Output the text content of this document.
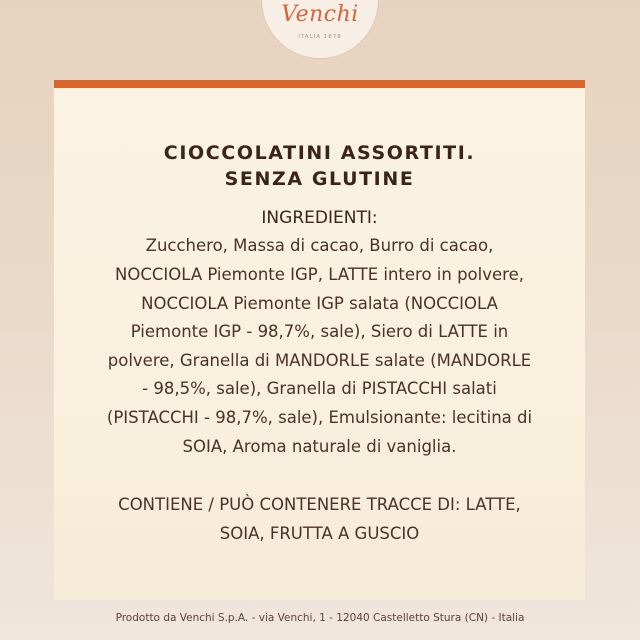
Venchi
ITALIA 1878
CIOCCOLATINI ASSORTITI.
SENZA GLUTINE
INGREDIENTI:
Zucchero, Massa di cacao, Burro di cacao,
NOCCIOLA Piemonte IGP, LATTE intero in polvere,
NOCCIOLA Piemonte IGP salata (NOCCIOLA
Piemonte IGP - 98,7%, sale), Siero di LATTE in
polvere, Granella di MANDORLE salate (MANDORLE
- 98,5%, sale), Granella di PISTACCHI salati
(PISTACCHI - 98,7%, sale), Emulsionante: lecitina di
SOIA, Aroma naturale di vaniglia.
CONTIENE / PUÒ CONTENERE TRACCE DI: LATTE,
SOIA, FRUTTA A GUSCIO
Prodotto da Venchi S.p.A. - via Venchi, 1 - 12040 Castelletto Stura (CN) - Italia
